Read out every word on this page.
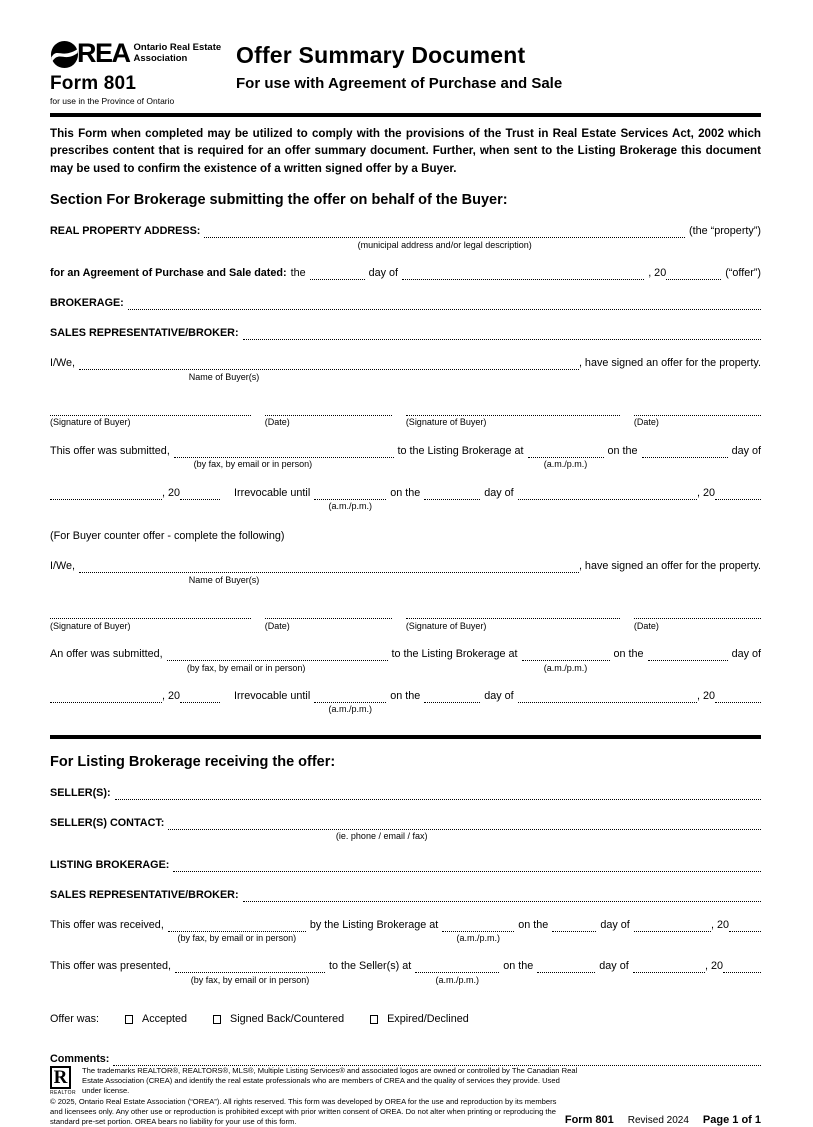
REA Ontario Real Estate
Association
Form 801
for use in the Province of Ontario
Offer Summary Document
For use with Agreement of Purchase and Sale
This Form when completed may be utilized to comply with the provisions of the Trust in Real Estate Services Act, 2002 which prescribes content that is required for an offer summary document. Further, when sent to the Listing Brokerage this document may be used to confirm the existence of a written signed offer by a Buyer.
Section For Brokerage submitting the offer on behalf of the Buyer:
REAL PROPERTY ADDRESS:
(municipal address and/or legal description)
(the “property”)
for an Agreement of Purchase and Sale dated: the	day of	, 20	(“offer”)
BROKERAGE:
SALES REPRESENTATIVE/BROKER:
I/We,
Name of Buyer(s)
, have signed an offer for the property.
(Signature of Buyer)	(Date)	(Signature of Buyer)	(Date)
This offer was submitted,
(by fax, by email or in person)
to the Listing Brokerage at
(a.m./p.m.)
on the	day of
, 20	Irrevocable until
(a.m./p.m.)
on the	day of	, 20
(For Buyer counter offer - complete the following)
I/We,
Name of Buyer(s)
, have signed an offer for the property.
(Signature of Buyer)	(Date)	(Signature of Buyer)	(Date)
An offer was submitted,
(by fax, by email or in person)
to the Listing Brokerage at
(a.m./p.m.)
on the	day of
, 20	Irrevocable until
(a.m./p.m.)
on the	day of	, 20
For Listing Brokerage receiving the offer:
SELLER(S):
SELLER(S) CONTACT:
(ie. phone / email / fax)
LISTING BROKERAGE:
SALES REPRESENTATIVE/BROKER:
This offer was received,
(by fax, by email or in person)
by the Listing Brokerage at
(a.m./p.m.)
on the	day of	, 20
This offer was presented,
(by fax, by email or in person)
to the Seller(s) at
(a.m./p.m.)
on the	day of	, 20
Offer was:	Accepted	Signed Back/Countered	Expired/Declined
Comments:
R
REALTOR
The trademarks REALTOR®, REALTORS®, MLS®, Multiple Listing Services® and associated logos are owned or controlled by The Canadian Real Estate Association (CREA) and identify the real estate professionals who are members of CREA and the quality of services they provide. Used under license.
© 2025, Ontario Real Estate Association (“OREA”). All rights reserved. This form was developed by OREA for the use and reproduction by its members and licensees only. Any other use or reproduction is prohibited except with prior written consent of OREA. Do not alter when printing or reproducing the standard pre-set portion. OREA bears no liability for your use of this form.	Form 801 Revised 2024 Page 1 of 1
